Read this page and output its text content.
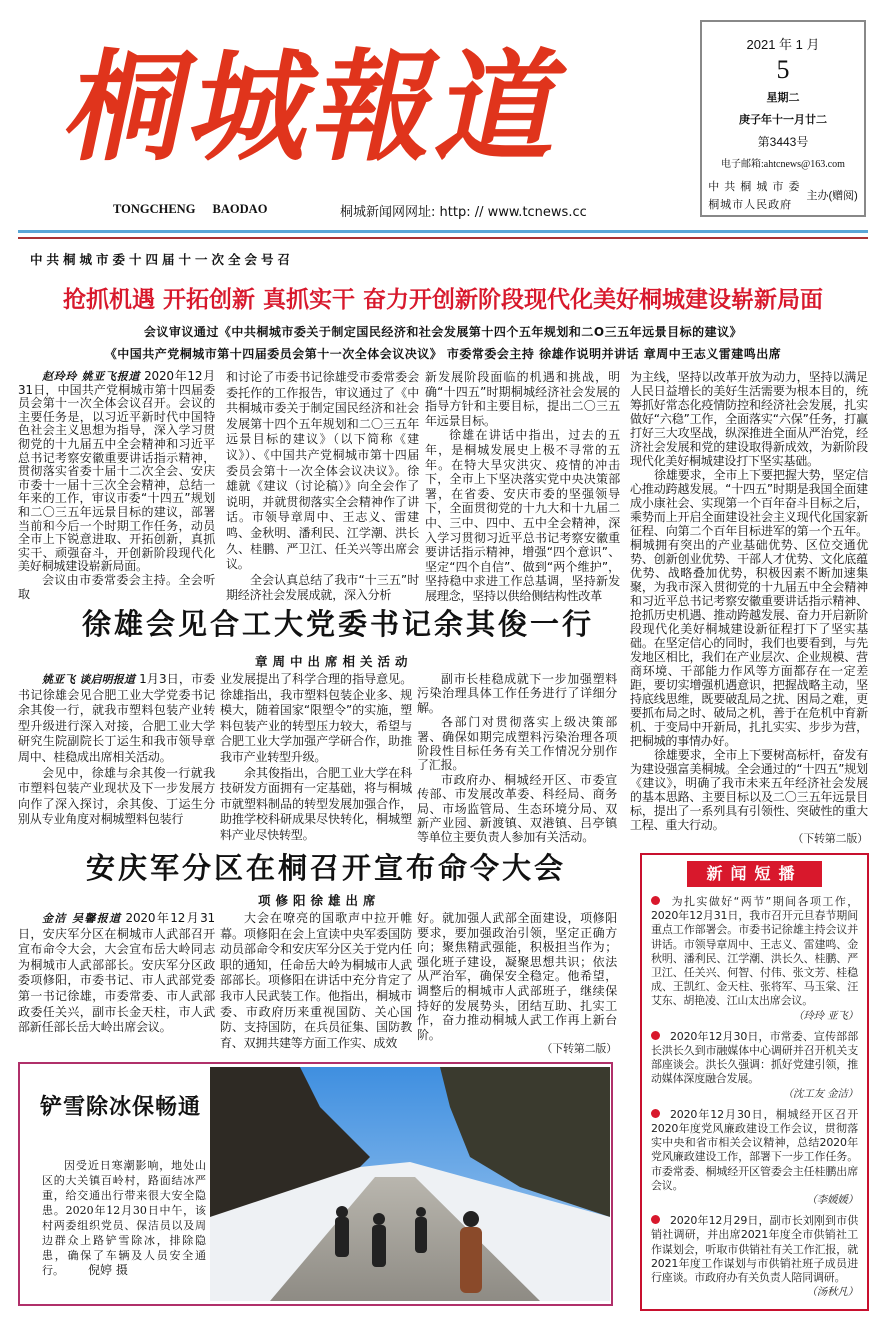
桐城報道	2021 年 1 月
5
星期二
庚子年十一月廿二
第3443号
电子邮箱:ahtcnews@163.com
中 共 桐 城 市 委
桐城市人民政府
主办(赠阅)
TONGCHENG BAODAO	桐城新闻网网址: http: // www.tcnews.cc
中共桐城市委十四届十一次全会号召
抢抓机遇 开拓创新 真抓实干 奋力开创新阶段现代化美好桐城建设崭新局面
会议审议通过《中共桐城市委关于制定国民经济和社会发展第十四个五年规划和二O三五年远景目标的建议》
《中国共产党桐城市第十四届委员会第十一次全体会议决议》 市委常委会主持 徐雄作说明并讲话 章周中王志义雷建鸣出席

赵玲玲 姚亚飞报道 2020年12月31日，中国共产党桐城市第十四届委员会第十一次全体会议召开。会议的主要任务是，以习近平新时代中国特色社会主义思想为指导，深入学习贯彻党的十九届五中全会精神和习近平总书记考察安徽重要讲话指示精神，贯彻落实省委十届十二次全会、安庆市委十一届十三次全会精神，总结一年来的工作，审议市委“十四五”规划和二〇三五年远景目标的建议，部署当前和今后一个时期工作任务，动员全市上下锐意进取、开拓创新，真抓实干、顽强奋斗，开创新阶段现代化美好桐城建设崭新局面。

会议由市委常委会主持。全会听取

和讨论了市委书记徐雄受市委常委会委托作的工作报告，审议通过了《中共桐城市委关于制定国民经济和社会发展第十四个五年规划和二〇三五年远景目标的建议》（以下简称《建议》）、《中国共产党桐城市第十四届委员会第十一次全体会议决议》。徐雄就《建议（讨论稿）》向全会作了说明，并就贯彻落实全会精神作了讲话。市领导章周中、王志义、雷建鸣、金秋明、潘利民、江学潮、洪长久、桂鹏、严卫江、任关兴等出席会议。

全会认真总结了我市“十三五”时期经济社会发展成就，深入分析

新发展阶段面临的机遇和挑战，明确“十四五”时期桐城经济社会发展的指导方针和主要目标，提出二〇三五年远景目标。

徐雄在讲话中指出，过去的五年，是桐城发展史上极不寻常的五年。在特大旱灾洪灾、疫情的冲击下，全市上下坚决落实党中央决策部署，在省委、安庆市委的坚强领导下，全面贯彻党的十九大和十九届二中、三中、四中、五中全会精神，深入学习贯彻习近平总书记考察安徽重要讲话指示精神，增强“四个意识”、坚定“四个自信”、做到“两个维护”，坚持稳中求进工作总基调，坚持新发展理念，坚持以供给侧结构性改革

为主线，坚持以改革开放为动力，坚持以满足人民日益增长的美好生活需要为根本目的，统筹抓好常态化疫情防控和经济社会发展，扎实做好“六稳”工作，全面落实“六保”任务，打赢打好三大攻坚战，纵深推进全面从严治党，经济社会发展和党的建设取得新成效，为新阶段现代化美好桐城建设打下坚实基础。

徐雄要求，全市上下要把握大势，坚定信心推动跨越发展。“十四五”时期是我国全面建成小康社会、实现第一个百年奋斗目标之后，乘势而上开启全面建设社会主义现代化国家新征程、向第二个百年目标进军的第一个五年。桐城拥有突出的产业基础优势、区位交通优势、创新创业优势、干部人才优势、文化底蕴优势、战略叠加优势，积极因素不断加速集聚，为我市深入贯彻党的十九届五中全会精神和习近平总书记考察安徽重要讲话指示精神、抢抓历史机遇、推动跨越发展、奋力开启新阶段现代化美好桐城建设新征程打下了坚实基础。在坚定信心的同时，我们也要看到，与先发地区相比，我们在产业层次、企业规模、营商环境、干部能力作风等方面都存在一定差距，要切实增强机遇意识，把握战略主动，坚持底线思维，既要破乱局之扰、困局之难，更要抓布局之时、破局之机，善于在危机中育新机、于变局中开新局，扎扎实实、步步为营，把桐城的事情办好。

徐雄要求，全市上下要树高标杆，奋发有为建设强富美桐城。全会通过的“十四五”规划《建议》，明确了我市未来五年经济社会发展的基本思路、主要目标以及二〇三五年远景目标，提出了一系列具有引领性、突破性的重大工程、重大行动。
（下转第二版）

徐雄会见合工大党委书记余其俊一行
章周中出席相关活动

姚亚飞 谈启明报道 1月3日，市委书记徐雄会见合肥工业大学党委书记余其俊一行，就我市塑料包装产业转型升级进行深入对接，合肥工业大学研究生院副院长丁运生和我市领导章周中、桂稳成出席相关活动。

会见中，徐雄与余其俊一行就我市塑料包装产业现状及下一步发展方向作了深入探讨，余其俊、丁运生分别从专业角度对桐城塑料包装行

业发展提出了科学合理的指导意见。徐雄指出，我市塑料包装企业多、规模大，随着国家“限塑令”的实施，塑料包装产业的转型压力较大，希望与合肥工业大学加强产学研合作，助推我市产业转型升级。

余其俊指出，合肥工业大学在科技研发方面拥有一定基础，将与桐城市就塑料制品的转型发展加强合作，助推学校科研成果尽快转化，桐城塑料产业尽快转型。

副市长桂稳成就下一步加强塑料污染治理具体工作任务进行了详细分解。

各部门对贯彻落实上级决策部署、确保如期完成塑料污染治理各项阶段性目标任务有关工作情况分别作了汇报。

市政府办、桐城经开区、市委宣传部、市发展改革委、科经局、商务局、市场监管局、生态环境分局、双新产业园、新渡镇、双港镇、吕亭镇等单位主要负责人参加有关活动。

安庆军分区在桐召开宣布命令大会
项修阳徐雄出席

金洁 吴馨报道 2020年12月31日，安庆军分区在桐城市人武部召开宣布命令大会，大会宣布岳大岭同志为桐城市人武部部长。安庆军分区政委项修阳，市委书记、市人武部党委第一书记徐雄，市委常委、市人武部政委任关兴，副市长金天柱，市人武部新任部长岳大岭出席会议。

大会在嘹亮的国歌声中拉开帷幕。项修阳在会上宣读中央军委国防动员部命令和安庆军分区关于党内任职的通知，任命岳大岭为桐城市人武部部长。项修阳在讲话中充分肯定了我市人民武装工作。他指出，桐城市委、市政府历来重视国防、关心国防、支持国防，在兵员征集、国防教育、双拥共建等方面工作实、成效

好。就加强人武部全面建设，项修阳要求，要加强政治引领，坚定正确方向；聚焦精武强能，积极担当作为；强化班子建设，凝聚思想共识；依法从严治军，确保安全稳定。他希望，调整后的桐城市人武部班子，继续保持好的发展势头，团结互助、扎实工作，奋力推动桐城人武工作再上新台阶。
（下转第二版）

新闻短播
为扎实做好“两节”期间各项工作，2020年12月31日，我市召开元旦春节期间重点工作部署会。市委书记徐雄主持会议并讲话。市领导章周中、王志义、雷建鸣、金秋明、潘利民、江学潮、洪长久、桂鹏、严卫江、任关兴、何智、付伟、张文芳、桂稳成、王凯红、金天柱、张将军、马玉棠、汪艾东、胡艳凌、江山太出席会议。
（玲玲 亚飞）
2020年12月30日，市常委、宣传部部长洪长久到市融媒体中心调研并召开机关支部座谈会。洪长久强调：抓好党建引领，推动媒体深度融合发展。
（沈工友 金洁）
2020年12月30日，桐城经开区召开2020年度党风廉政建设工作会议，贯彻落实中央和省市相关会议精神，总结2020年党风廉政建设工作，部署下一步工作任务。市委常委、桐城经开区管委会主任桂鹏出席会议。
（李媛媛）
2020年12月29日，副市长刘刚到市供销社调研，并出席2021年度全市供销社工作谋划会，听取市供销社有关工作汇报，就2021年度工作谋划与市供销社班子成员进行座谈。市政府办有关负责人陪同调研。
（汤秋凡）
铲雪除冰保畅通
因受近日寒潮影响，地处山区的大关镇百岭村，路面结冰严重，给交通出行带来很大安全隐患。2020年12月30日中午，该村两委组织党员、保洁员以及周边群众上路铲雪除冰，排除隐患，确保了车辆及人员安全通行。 倪婷 摄
